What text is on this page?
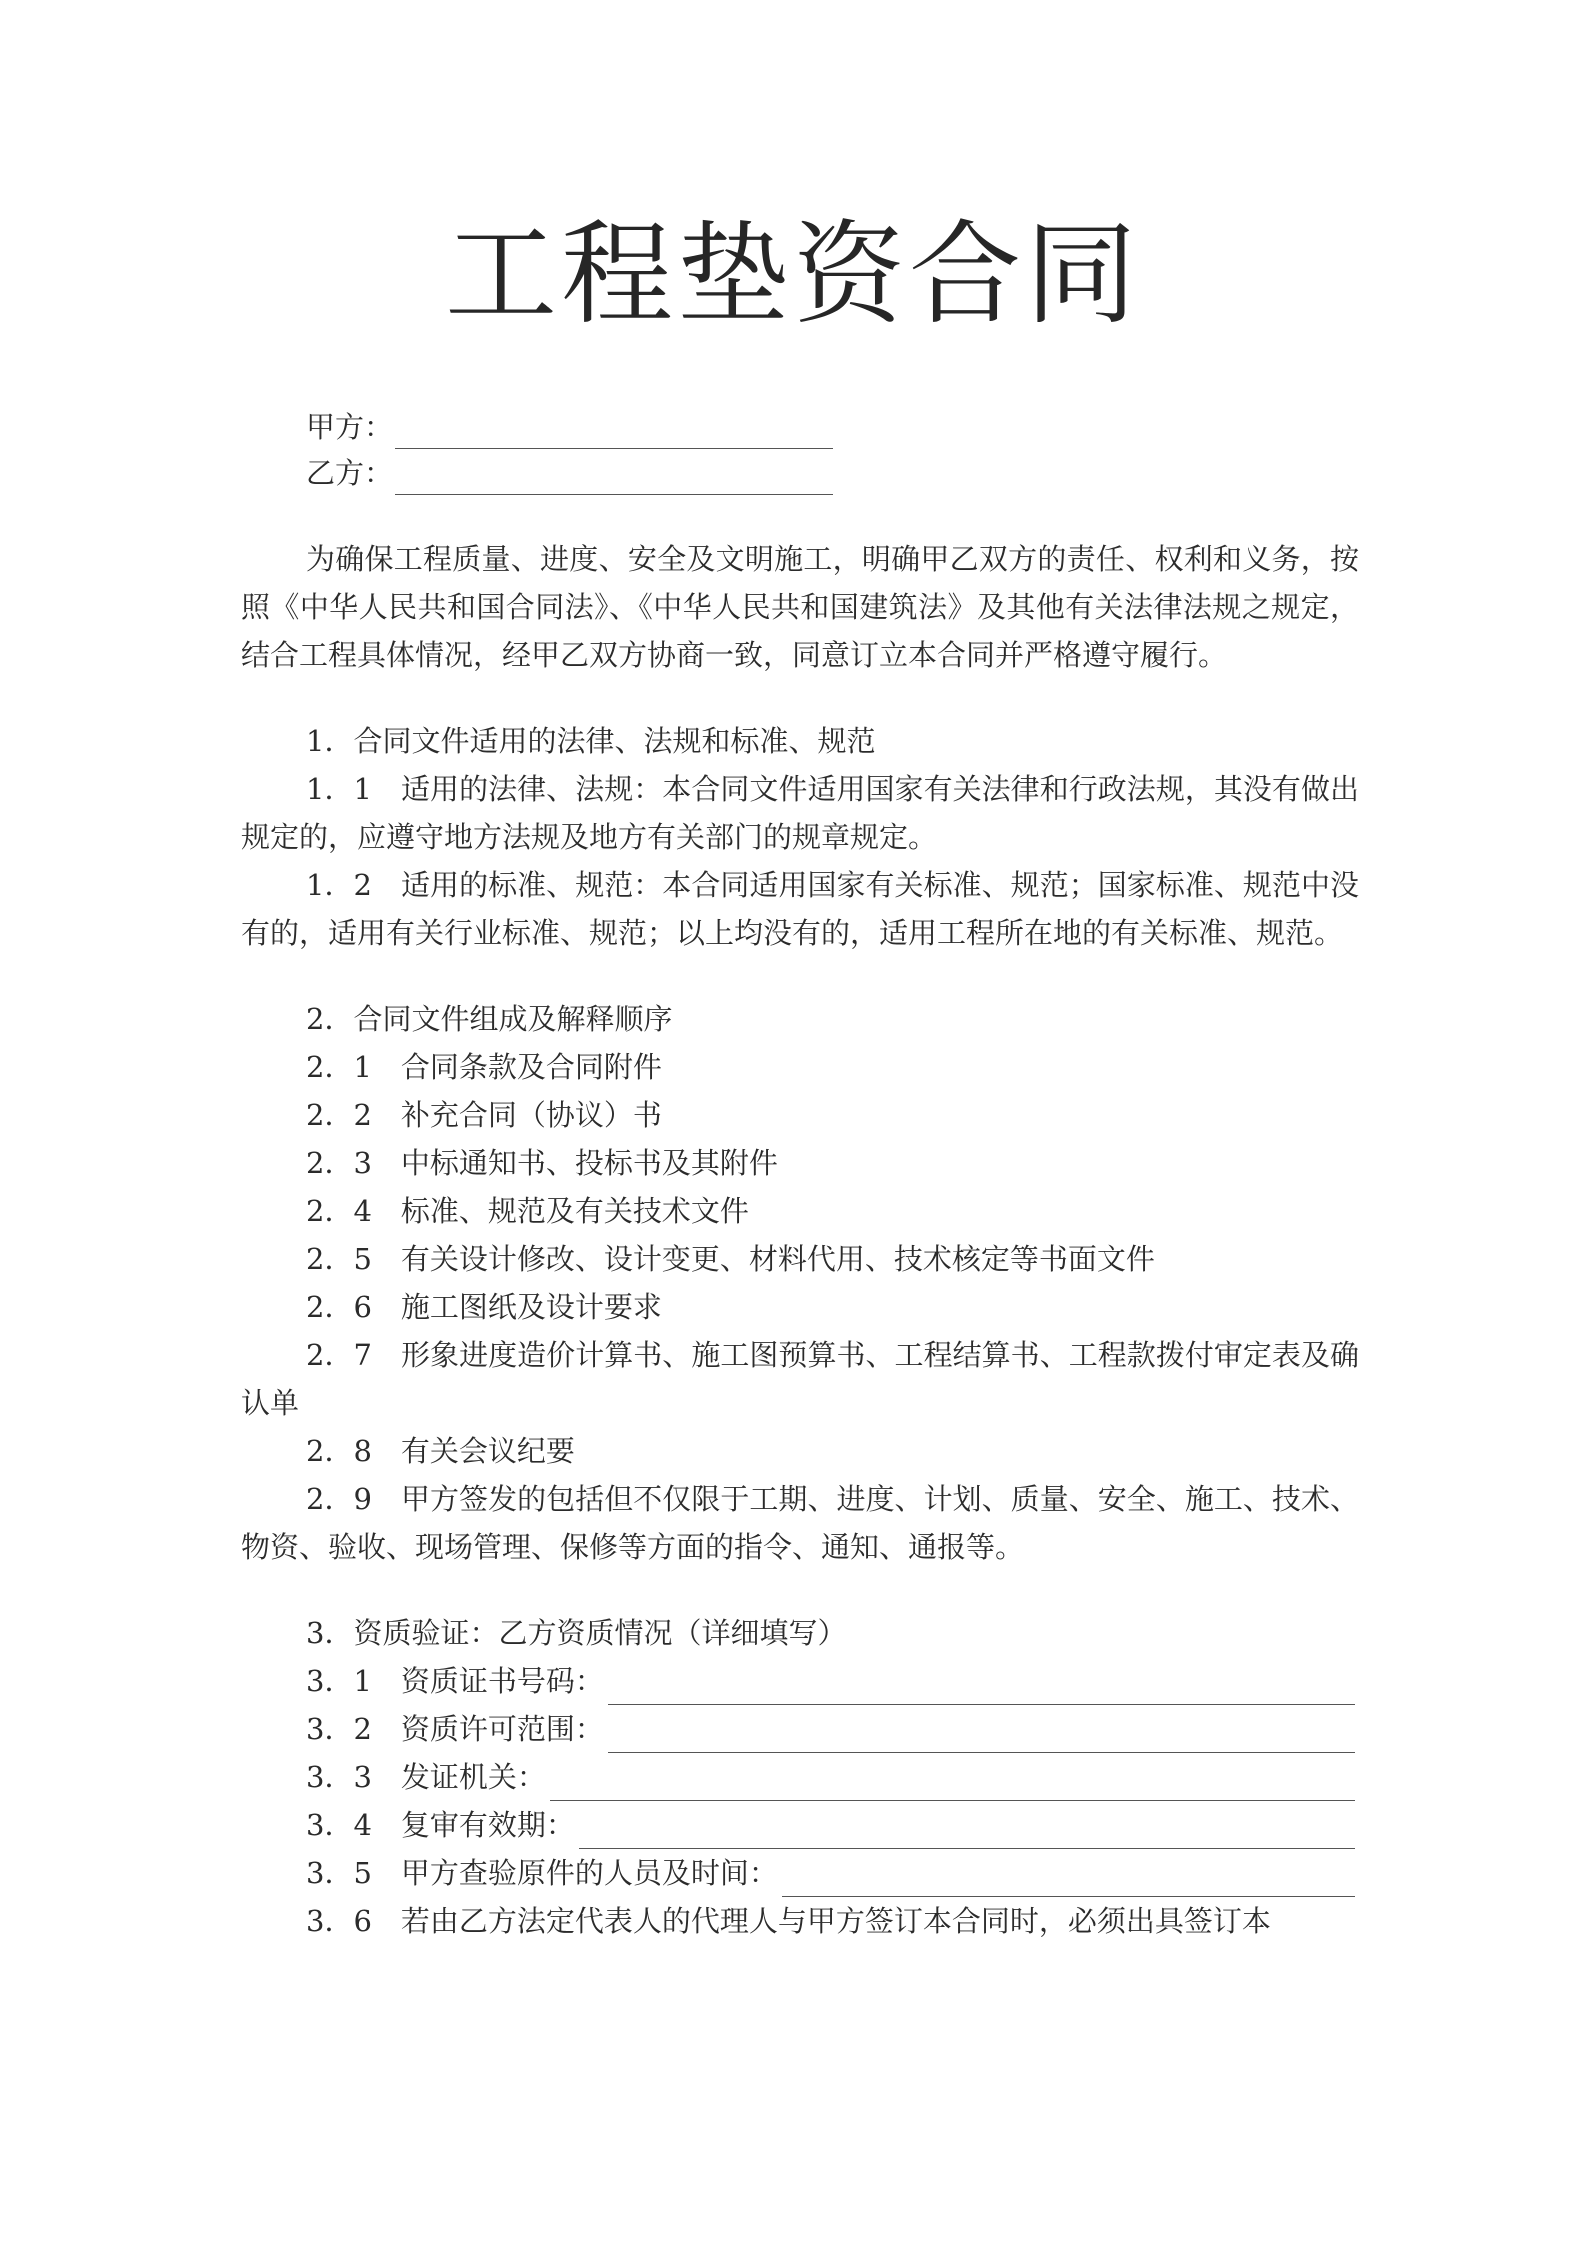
工程垫资合同
甲方：
乙方：

为确保工程质量、进度、安全及文明施工，明确甲乙双方的责任、权利和义务，按照《中华人民共和国合同法》、《中华人民共和国建筑法》及其他有关法律法规之规定，结合工程具体情况，经甲乙双方协商一致，同意订立本合同并严格遵守履行。

1．合同文件适用的法律、法规和标准、规范

1．1　适用的法律、法规：本合同文件适用国家有关法律和行政法规，其没有做出规定的，应遵守地方法规及地方有关部门的规章规定。

1．2　适用的标准、规范：本合同适用国家有关标准、规范；国家标准、规范中没有的，适用有关行业标准、规范；以上均没有的，适用工程所在地的有关标准、规范。

2．合同文件组成及解释顺序

2．1　合同条款及合同附件

2．2　补充合同（协议）书

2．3　中标通知书、投标书及其附件

2．4　标准、规范及有关技术文件

2．5　有关设计修改、设计变更、材料代用、技术核定等书面文件

2．6　施工图纸及设计要求

2．7　形象进度造价计算书、施工图预算书、工程结算书、工程款拨付审定表及确认单

2．8　有关会议纪要

2．9　甲方签发的包括但不仅限于工期、进度、计划、质量、安全、施工、技术、物资、验收、现场管理、保修等方面的指令、通知、通报等。

3．资质验证：乙方资质情况（详细填写）

3．1　资质证书号码：
3．2　资质许可范围：
3．3　发证机关：
3．4　复审有效期：
3．5　甲方查验原件的人员及时间：

3．6　若由乙方法定代表人的代理人与甲方签订本合同时，必须出具签订本
